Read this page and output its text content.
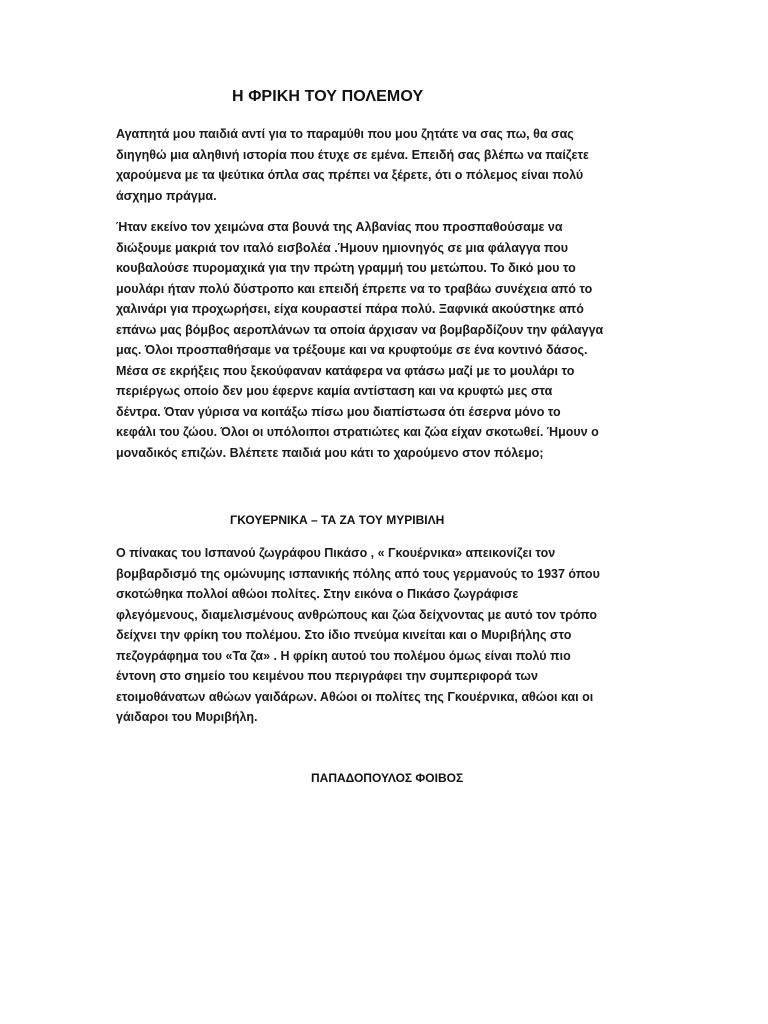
Η ΦΡΙΚΗ ΤΟΥ ΠΟΛΕΜΟΥ

Αγαπητά μου παιδιά αντί για το παραμύθι που μου ζητάτε να σας πω, θα σας
διηγηθώ μια αληθινή ιστορία που έτυχε σε εμένα. Επειδή σας βλέπω να παίζετε
χαρούμενα με τα ψεύτικα όπλα σας πρέπει να ξέρετε, ότι ο πόλεμος είναι πολύ
άσχημο πράγμα.

Ήταν εκείνο τον χειμώνα στα βουνά της Αλβανίας που προσπαθούσαμε να
διώξουμε μακριά τον ιταλό εισβολέα .Ήμουν ημιονηγός σε μια φάλαγγα που
κουβαλούσε πυρομαχικά για την πρώτη γραμμή του μετώπου. Το δικό μου το
μουλάρι ήταν πολύ δύστροπο και επειδή έπρεπε να το τραβάω συνέχεια από το
χαλινάρι για προχωρήσει, είχα κουραστεί πάρα πολύ. Ξαφνικά ακούστηκε από
επάνω μας βόμβος αεροπλάνων τα οποία άρχισαν να βομβαρδίζουν την φάλαγγα
μας. Όλοι προσπαθήσαμε να τρέξουμε και να κρυφτούμε σε ένα κοντινό δάσος.
Μέσα σε εκρήξεις που ξεκούφαναν κατάφερα να φτάσω μαζί με το μουλάρι το
περιέργως οποίο δεν μου έφερνε καμία αντίσταση και να κρυφτώ μες στα
δέντρα. Όταν γύρισα να κοιτάξω πίσω μου διαπίστωσα ότι έσερνα μόνο το
κεφάλι του ζώου. Όλοι οι υπόλοιποι στρατιώτες και ζώα είχαν σκοτωθεί. Ήμουν ο
μοναδικός επιζών. Βλέπετε παιδιά μου κάτι το χαρούμενο στον πόλεμο;

ΓΚΟΥΕΡΝΙΚΑ – ΤΑ ΖΑ ΤΟΥ ΜΥΡΙΒΙΛΗ

Ο πίνακας του Ισπανού ζωγράφου Πικάσο , « Γκουέρνικα» απεικονίζει τον
βομβαρδισμό της ομώνυμης ισπανικής πόλης από τους γερμανούς το 1937 όπου
σκοτώθηκα πολλοί αθώοι πολίτες. Στην εικόνα ο Πικάσο ζωγράφισε
φλεγόμενους, διαμελισμένους ανθρώπους και ζώα δείχνοντας με αυτό τον τρόπο
δείχνει την φρίκη του πολέμου. Στο ίδιο πνεύμα κινείται και ο Μυριβήλης στο
πεζογράφημα του «Τα ζα» . Η φρίκη αυτού του πολέμου όμως είναι πολύ πιο
έντονη στο σημείο του κειμένου που περιγράφει την συμπεριφορά των
ετοιμοθάνατων αθώων γαιδάρων. Αθώοι οι πολίτες της Γκουέρνικα, αθώοι και οι
γάιδαροι του Μυριβήλη.

ΠΑΠΑΔΟΠΟΥΛΟΣ ΦΟΙΒΟΣ
